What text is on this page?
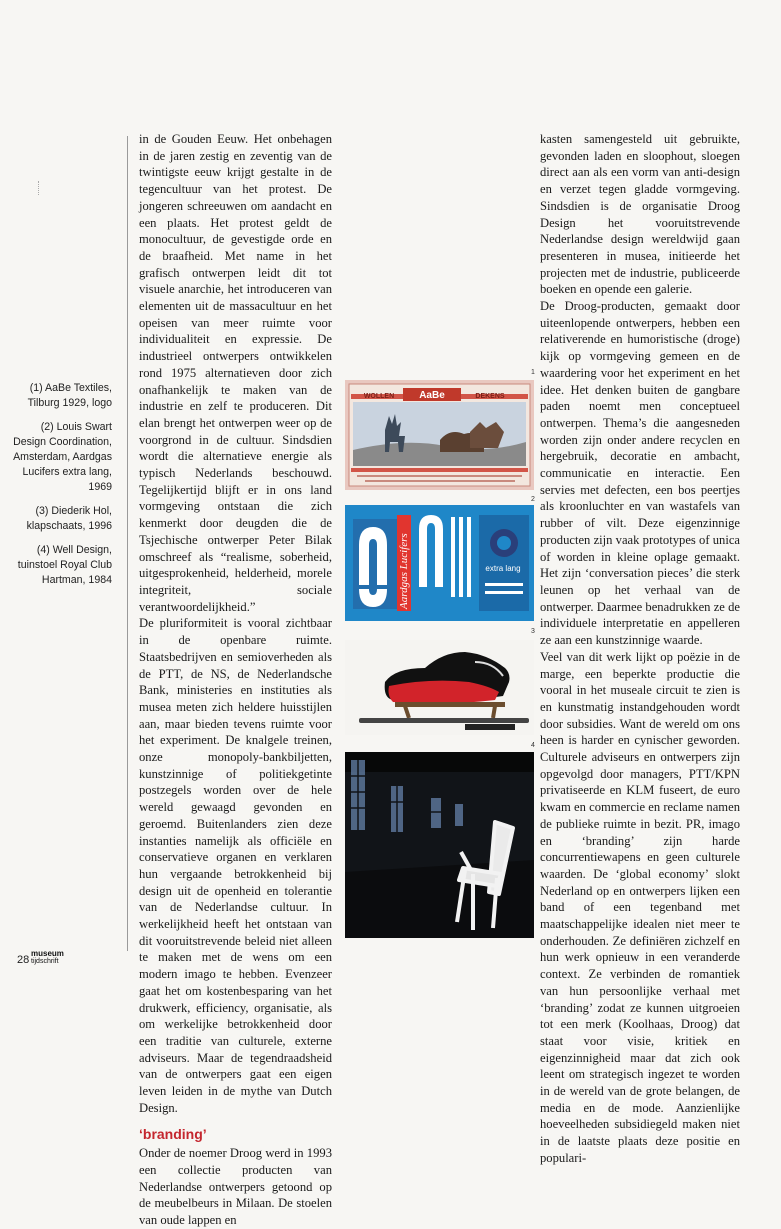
(1) AaBe Textiles, Tilburg 1929, logo

(2) Louis Swart Design Coordination, Amsterdam, Aardgas Lucifers extra lang, 1969

(3) Diederik Hol, klapschaats, 1996

(4) Well Design, tuinstoel Royal Club Hartman, 1984

in de Gouden Eeuw. Het onbehagen in de jaren zestig en zeventig van de twintigste eeuw krijgt gestalte in de tegencultuur van het protest. De jongeren schreeuwen om aandacht en een plaats. Het protest geldt de monocultuur, de gevestigde orde en de braafheid. Met name in het grafisch ontwerpen leidt dit tot visuele anarchie, het introduceren van elementen uit de massacultuur en het opeisen van meer ruimte voor individualiteit en expressie. De industrieel ontwerpers ontwikkelen rond 1975 alternatieven door zich onafhankelijk te maken van de industrie en zelf te produceren. Dit elan brengt het ontwerpen weer op de voorgrond in de cultuur. Sindsdien wordt die alternatieve energie als typisch Nederlands beschouwd. Tegelijkertijd blijft er in ons land vormgeving ontstaan die zich kenmerkt door deugden die de Tsjechische ontwerper Peter Bilak omschreef als “realisme, soberheid, uitgesprokenheid, helderheid, morele integriteit, sociale verantwoordelijkheid.”

De pluriformiteit is vooral zichtbaar in de openbare ruimte. Staatsbedrijven en semioverheden als de PTT, de NS, de Nederlandsche Bank, ministeries en instituties als musea meten zich heldere huisstijlen aan, maar bieden tevens ruimte voor het experiment. De knalgele treinen, onze monopoly-bankbiljetten, kunstzinnige of politiekgetinte postzegels worden over de hele wereld gewaagd gevonden en geroemd. Buitenlanders zien deze instanties namelijk als officiële en conservatieve organen en verklaren hun vergaande betrokkenheid bij design uit de openheid en tolerantie van de Nederlandse cultuur. In werkelijkheid heeft het ontstaan van dit vooruitstrevende beleid niet alleen te maken met de wens om een modern imago te hebben. Evenzeer gaat het om kostenbesparing van het drukwerk, efficiency, organisatie, als om werkelijke betrokkenheid door een traditie van culturele, externe adviseurs. Maar de tegendraadsheid van de ontwerpers gaat een eigen leven leiden in de mythe van Dutch Design.

‘branding’

Onder de noemer Droog werd in 1993 een collectie producten van Nederlandse ontwerpers getoond op de meubelbeurs in Milaan. De stoelen van oude lappen en

1
AaBe
WOLLEN	DEKENS
2
Aardgas Lucifers	extra lang
3
4

kasten samengesteld uit gebruikte, gevonden laden en sloophout, sloegen direct aan als een vorm van anti-design en verzet tegen gladde vormgeving. Sindsdien is de organisatie Droog Design het vooruitstrevende Nederlandse design wereldwijd gaan presenteren in musea, initieerde het projecten met de industrie, publiceerde boeken en opende een galerie.

De Droog-producten, gemaakt door uiteenlopende ontwerpers, hebben een relativerende en humoristische (droge) kijk op vormgeving gemeen en de waardering voor het experiment en het idee. Het denken buiten de gangbare paden noemt men conceptueel ontwerpen. Thema’s die aangesneden worden zijn onder andere recyclen en hergebruik, decoratie en ambacht, communicatie en interactie. Een servies met defecten, een bos peertjes als kroonluchter en van wastafels van rubber of vilt. Deze eigenzinnige producten zijn vaak prototypes of unica of worden in kleine oplage gemaakt. Het zijn ‘conversation pieces’ die sterk leunen op het verhaal van de ontwerper. Daarmee benadrukken ze de individuele interpretatie en appelleren ze aan een kunstzinnige waarde.

Veel van dit werk lijkt op poëzie in de marge, een beperkte productie die vooral in het museale circuit te zien is en kunstmatig instandgehouden wordt door subsidies. Want de wereld om ons heen is harder en cynischer geworden. Culturele adviseurs en ontwerpers zijn opgevolgd door managers, PTT/KPN privatiseerde en KLM fuseert, de euro kwam en commercie en reclame namen de publieke ruimte in bezit. PR, imago en ‘branding’ zijn harde concurrentiewapens en geen culturele waarden. De ‘global economy’ slokt Nederland op en ontwerpers lijken een band of een tegenband met maatschappelijke idealen niet meer te onderhouden. Ze definiëren zichzelf en hun werk opnieuw in een veranderde context. Ze verbinden de romantiek van hun persoonlijke verhaal met ‘branding’ zodat ze kunnen uitgroeien tot een merk (Koolhaas, Droog) dat staat voor visie, kritiek en eigenzinnigheid maar dat zich ook leent om strategisch ingezet te worden in de wereld van de grote belangen, de media en de mode. Aanzienlijke hoeveelheden subsidiegeld maken niet in de laatste plaats deze positie en populari-

28
museum
tijdschrift
